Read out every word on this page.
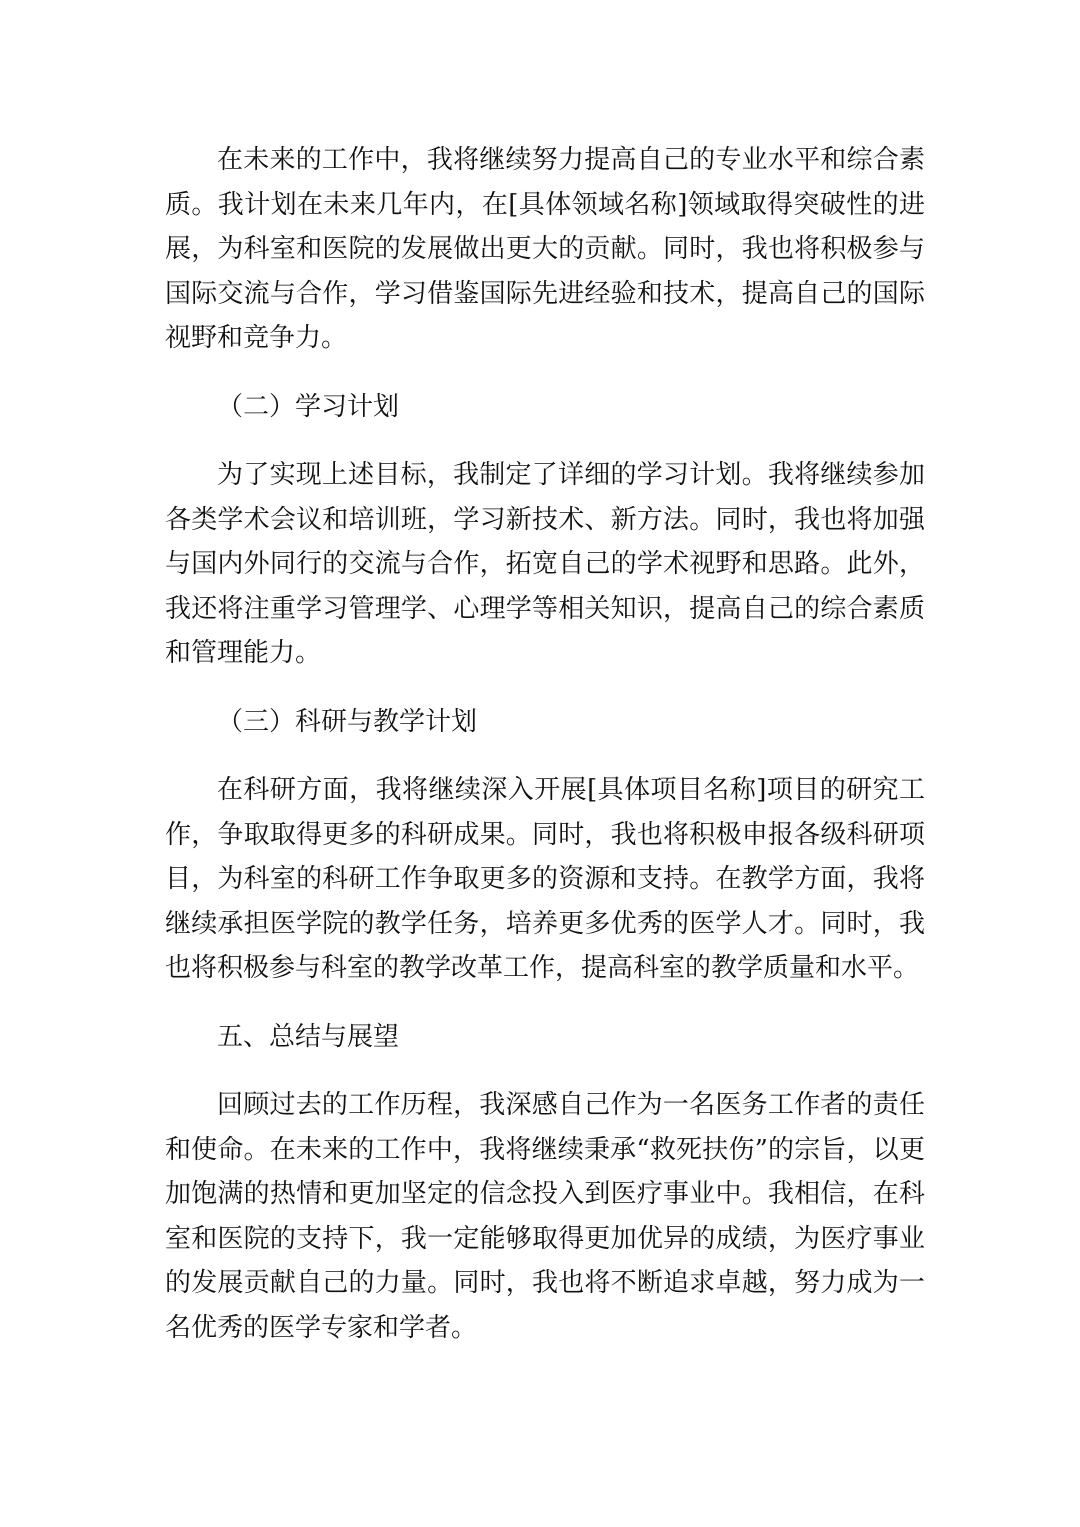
在未来的工作中，我将继续努力提高自己的专业水平和综合素质。我计划在未来几年内，在[具体领域名称]领域取得突破性的进展，为科室和医院的发展做出更大的贡献。同时，我也将积极参与国际交流与合作，学习借鉴国际先进经验和技术，提高自己的国际视野和竞争力。

（二）学习计划

为了实现上述目标，我制定了详细的学习计划。我将继续参加各类学术会议和培训班，学习新技术、新方法。同时，我也将加强与国内外同行的交流与合作，拓宽自己的学术视野和思路。此外，我还将注重学习管理学、心理学等相关知识，提高自己的综合素质和管理能力。

（三）科研与教学计划

在科研方面，我将继续深入开展[具体项目名称]项目的研究工作，争取取得更多的科研成果。同时，我也将积极申报各级科研项目，为科室的科研工作争取更多的资源和支持。在教学方面，我将继续承担医学院的教学任务，培养更多优秀的医学人才。同时，我也将积极参与科室的教学改革工作，提高科室的教学质量和水平。

五、总结与展望

回顾过去的工作历程，我深感自己作为一名医务工作者的责任和使命。在未来的工作中，我将继续秉承“救死扶伤”的宗旨，以更加饱满的热情和更加坚定的信念投入到医疗事业中。我相信，在科室和医院的支持下，我一定能够取得更加优异的成绩，为医疗事业的发展贡献自己的力量。同时，我也将不断追求卓越，努力成为一名优秀的医学专家和学者。
